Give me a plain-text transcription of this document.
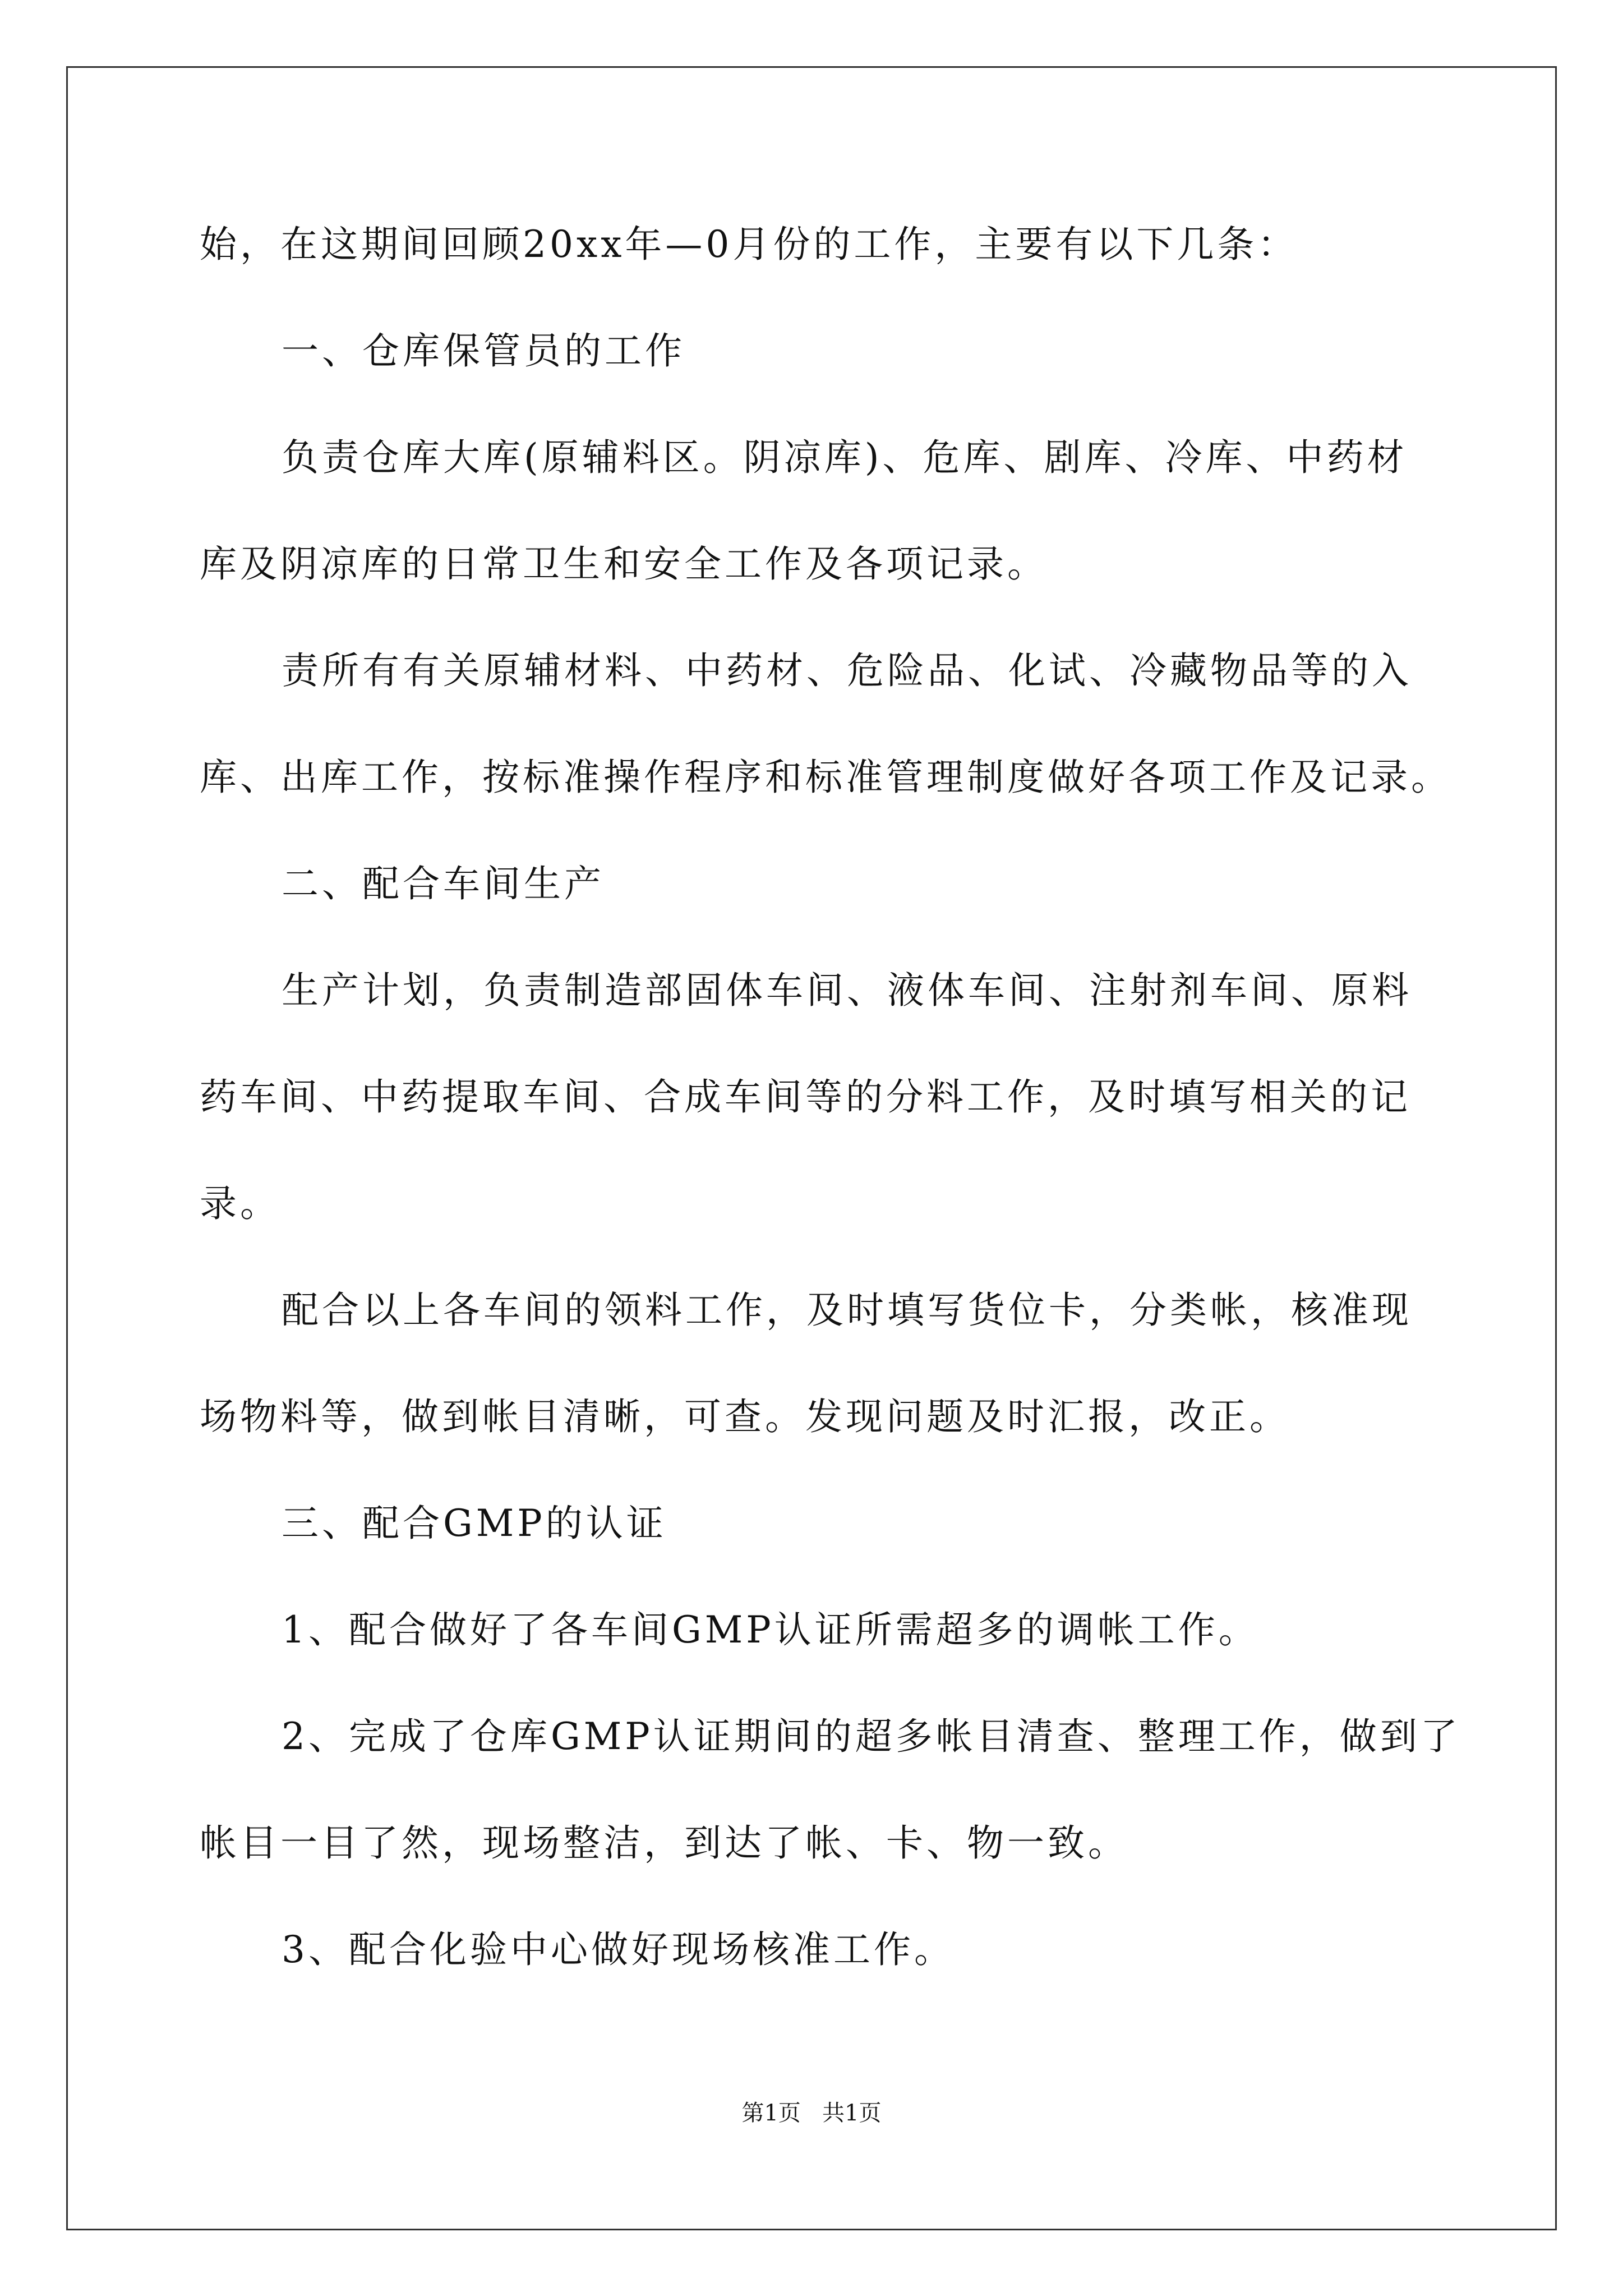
始，在这期间回顾20xx年—0月份的工作，主要有以下几条：
一、仓库保管员的工作
负责仓库大库(原辅料区。阴凉库)、危库、剧库、冷库、中药材
库及阴凉库的日常卫生和安全工作及各项记录。
责所有有关原辅材料、中药材、危险品、化试、冷藏物品等的入
库、出库工作，按标准操作程序和标准管理制度做好各项工作及记录。
二、配合车间生产
生产计划，负责制造部固体车间、液体车间、注射剂车间、原料
药车间、中药提取车间、合成车间等的分料工作，及时填写相关的记
录。
配合以上各车间的领料工作，及时填写货位卡，分类帐，核准现
场物料等，做到帐目清晰，可查。发现问题及时汇报，改正。
三、配合GMP的认证
1、配合做好了各车间GMP认证所需超多的调帐工作。
2、完成了仓库GMP认证期间的超多帐目清查、整理工作，做到了
帐目一目了然，现场整洁，到达了帐、卡、物一致。
3、配合化验中心做好现场核准工作。
第1页   共1页
